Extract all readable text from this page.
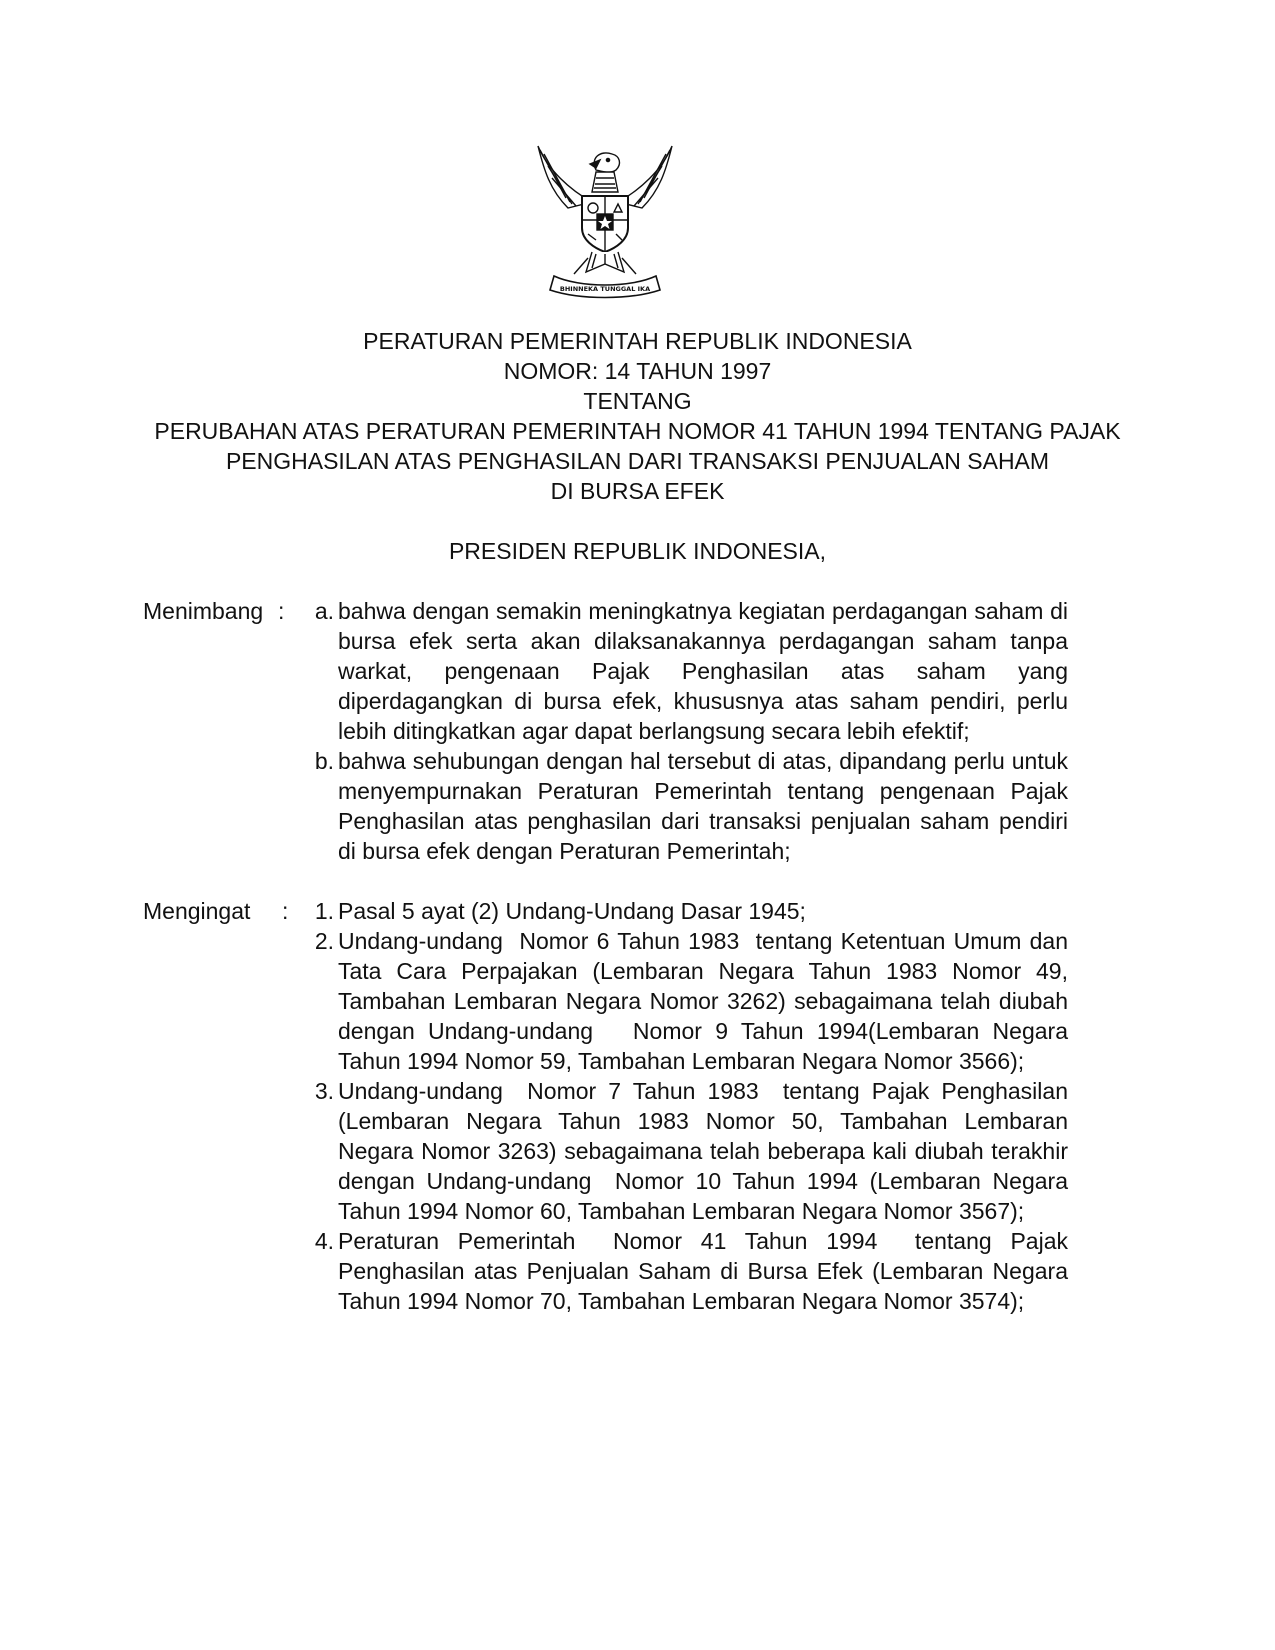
BHINNEKA TUNGGAL IKA
PERATURAN PEMERINTAH REPUBLIK INDONESIA
NOMOR: 14 TAHUN 1997
TENTANG
PERUBAHAN ATAS PERATURAN PEMERINTAH NOMOR 41 TAHUN 1994 TENTANG PAJAK
PENGHASILAN ATAS PENGHASILAN DARI TRANSAKSI PENJUALAN SAHAM
DI BURSA EFEK
PRESIDEN REPUBLIK INDONESIA,
Menimbang :	a. bahwa dengan semakin meningkatnya kegiatan perdagangan saham di bursa efek serta akan dilaksanakannya perdagangan saham tanpa warkat, pengenaan Pajak Penghasilan atas saham yang diperdagangkan di bursa efek, khususnya atas saham pendiri, perlu lebih ditingkatkan agar dapat berlangsung secara lebih efektif;
b. bahwa sehubungan dengan hal tersebut di atas, dipandang perlu untuk menyempurnakan Peraturan Pemerintah tentang pengenaan Pajak Penghasilan atas penghasilan dari transaksi penjualan saham pendiri di bursa efek dengan Peraturan Pemerintah;
Mengingat :	1. Pasal 5 ayat (2) Undang-Undang Dasar 1945;
2. Undang-undang  Nomor 6 Tahun 1983  tentang Ketentuan Umum dan Tata Cara Perpajakan (Lembaran Negara Tahun 1983 Nomor 49, Tambahan Lembaran Negara Nomor 3262) sebagaimana telah diubah dengan Undang-undang   Nomor 9 Tahun 1994(Lembaran Negara Tahun 1994 Nomor 59, Tambahan Lembaran Negara Nomor 3566);
3. Undang-undang  Nomor 7 Tahun 1983  tentang Pajak Penghasilan (Lembaran Negara Tahun 1983 Nomor 50, Tambahan Lembaran Negara Nomor 3263) sebagaimana telah beberapa kali diubah terakhir dengan Undang-undang  Nomor 10 Tahun 1994 (Lembaran Negara Tahun 1994 Nomor 60, Tambahan Lembaran Negara Nomor 3567);
4. Peraturan Pemerintah  Nomor 41 Tahun 1994  tentang Pajak Penghasilan atas Penjualan Saham di Bursa Efek (Lembaran Negara Tahun 1994 Nomor 70, Tambahan Lembaran Negara Nomor 3574);
